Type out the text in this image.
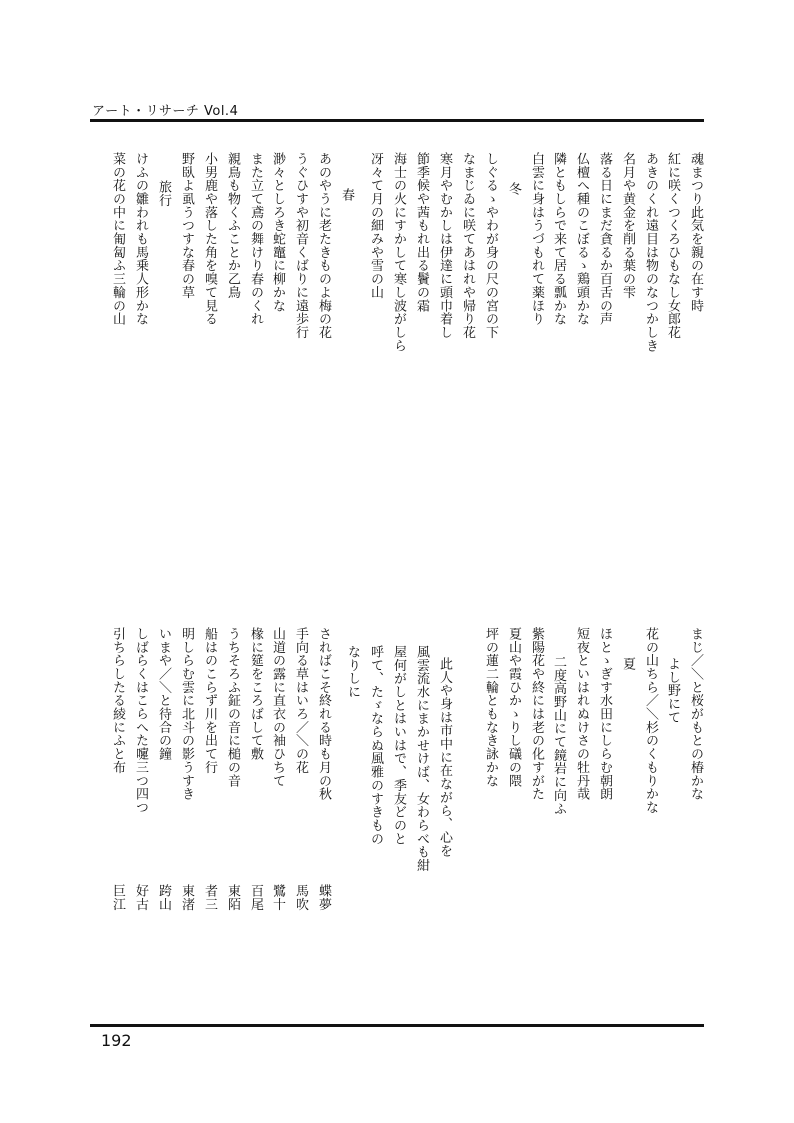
アート・リサーチ Vol.4
魂まつり此気を親の在す時
紅に咲くつくろひもなし女郎花
あきのくれ遠目は物のなつかしき
名月や黄金を削る葉の雫
落る日にまだ貪るか百舌の声
仏檀へ種のこぼるゝ鶏頭かな
隣ともしらで来て居る瓢かな
白雲に身はうづもれて薬ほり
冬
しぐるゝやわが身の尺の宮の下
なまじゐに咲てあはれや帰り花
寒月やむかしは伊達に頭巾着し
節季候や茜もれ出る鬢の霜
海士の火にすかして寒し波がしら
冴々て月の細みや雪の山
春
あのやうに老たきものよ梅の花
うぐひすや初音くばりに遠歩行
渺々としろき蛇竈に柳かな
また立て鳶の舞けり春のくれ
親鳥も物くふことか乙鳥
小男鹿や落した角を嗅て見る
野臥よ虱うつすな春の草
旅行
けふの雛われも馬乗人形かな
菜の花の中に匍匐ふ三輪の山
まじ／＼と桜がもとの椿かな
よし野にて
花の山ちら／＼杉のくもりかな
夏
ほとゝぎす水田にしらむ朝朗
短夜といはれぬけさの牡丹哉
二度高野山にて鏡岩に向ふ
紫陽花や終には老の化すがた
夏山や霞ひかゝりし礒の隈
坪の蓮二輪ともなき詠かな
此人や身は市中に在ながら、心を
風雲流水にまかせけば、女わらべも紺
屋何がしとはいはで、季友どのと
呼て、たゞならぬ風雅のすきもの
なりしに
さればこそ終れる時も月の秋
手向る草はいろ／＼の花
山道の露に直衣の袖ひちて
椽に筵をころばして敷
うちそろふ鉦の音に槌の音
船はのこらず川を出て行
明しらむ雲に北斗の影うすき
いまや／＼と待合の鐘
しばらくはこらへた嚔三つ四つ
引ちらしたる綾にふと布
蝶夢
馬吹
鷺十
百尾
東陌
者三
東渚
跨山
好古
巨江
192
